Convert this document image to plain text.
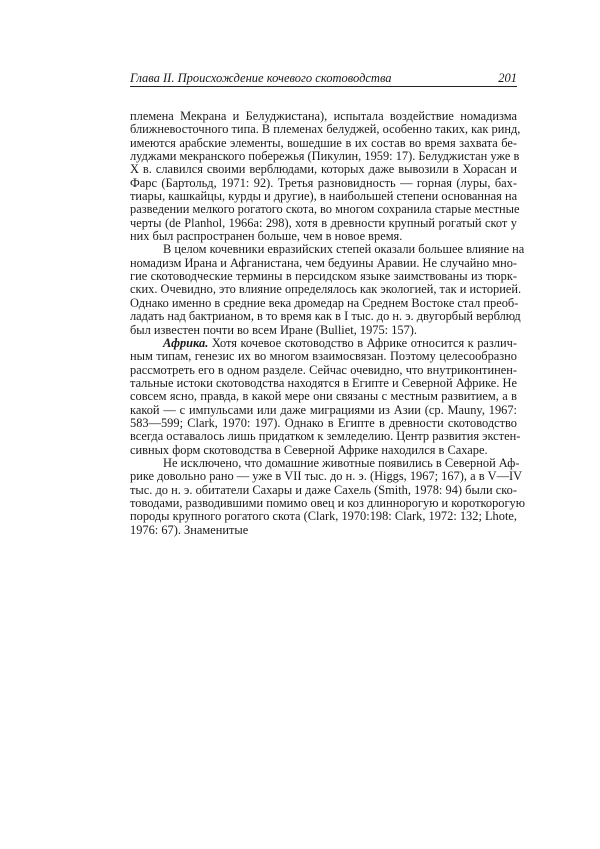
Глава II. Происхождение кочевого скотоводства	201
племена Мекрана и Белуджистана), испытала воздействие номадизма
ближневосточного типа. В племенах белуджей, особенно таких, как ринд,
имеются арабские элементы, вошедшие в их состав во время захвата бе-
луджами мекранского побережья (Пикулин, 1959: 17). Белуджистан уже в
X в. славился своими верблюдами, которых даже вывозили в Хорасан и
Фарс (Бартольд, 1971: 92). Третья разновидность — горная (луры, бах-
тиары, кашкайцы, курды и другие), в наибольшей степени основанная на
разведении мелкого рогатого скота, во многом сохранила старые местные
черты (de Planhol, 1966а: 298), хотя в древности крупный рогатый скот у
них был распространен больше, чем в новое время.
В целом кочевники евразийских степей оказали большее влияние на
номадизм Ирана и Афганистана, чем бедуины Аравии. Не случайно мно-
гие скотоводческие термины в персидском языке заимствованы из тюрк-
ских. Очевидно, это влияние определялось как экологией, так и историей.
Однако именно в средние века дромедар на Среднем Востоке стал преоб-
ладать над бактрианом, в то время как в I тыс. до н. э. двугорбый верблюд
был известен почти во всем Иране (Bulliet, 1975: 157).
Африка. Хотя кочевое скотоводство в Африке относится к различ-
ным типам, генезис их во многом взаимосвязан. Поэтому целесообразно
рассмотреть его в одном разделе. Сейчас очевидно, что внутриконтинен-
тальные истоки скотоводства находятся в Египте и Северной Африке. Не
совсем ясно, правда, в какой мере они связаны с местным развитием, а в
какой — с импульсами или даже миграциями из Азии (ср. Mauny, 1967:
583—599; Clark, 1970: 197). Однако в Египте в древности скотоводство
всегда оставалось лишь придатком к земледелию. Центр развития экстен-
сивных форм скотоводства в Северной Африке находился в Сахаре.
Не исключено, что домашние животные появились в Северной Аф-
рике довольно рано — уже в VII тыс. до н. э. (Higgs, 1967; 167), а в V—IV
тыс. до н. э. обитатели Сахары и даже Сахель (Smith, 1978: 94) были ско-
товодами, разводившими помимо овец и коз длиннорогую и короткорогую
породы крупного рогатого скота (Clark, 1970:198: Clark, 1972: 132; Lhote,
1976: 67). Знаменитые
